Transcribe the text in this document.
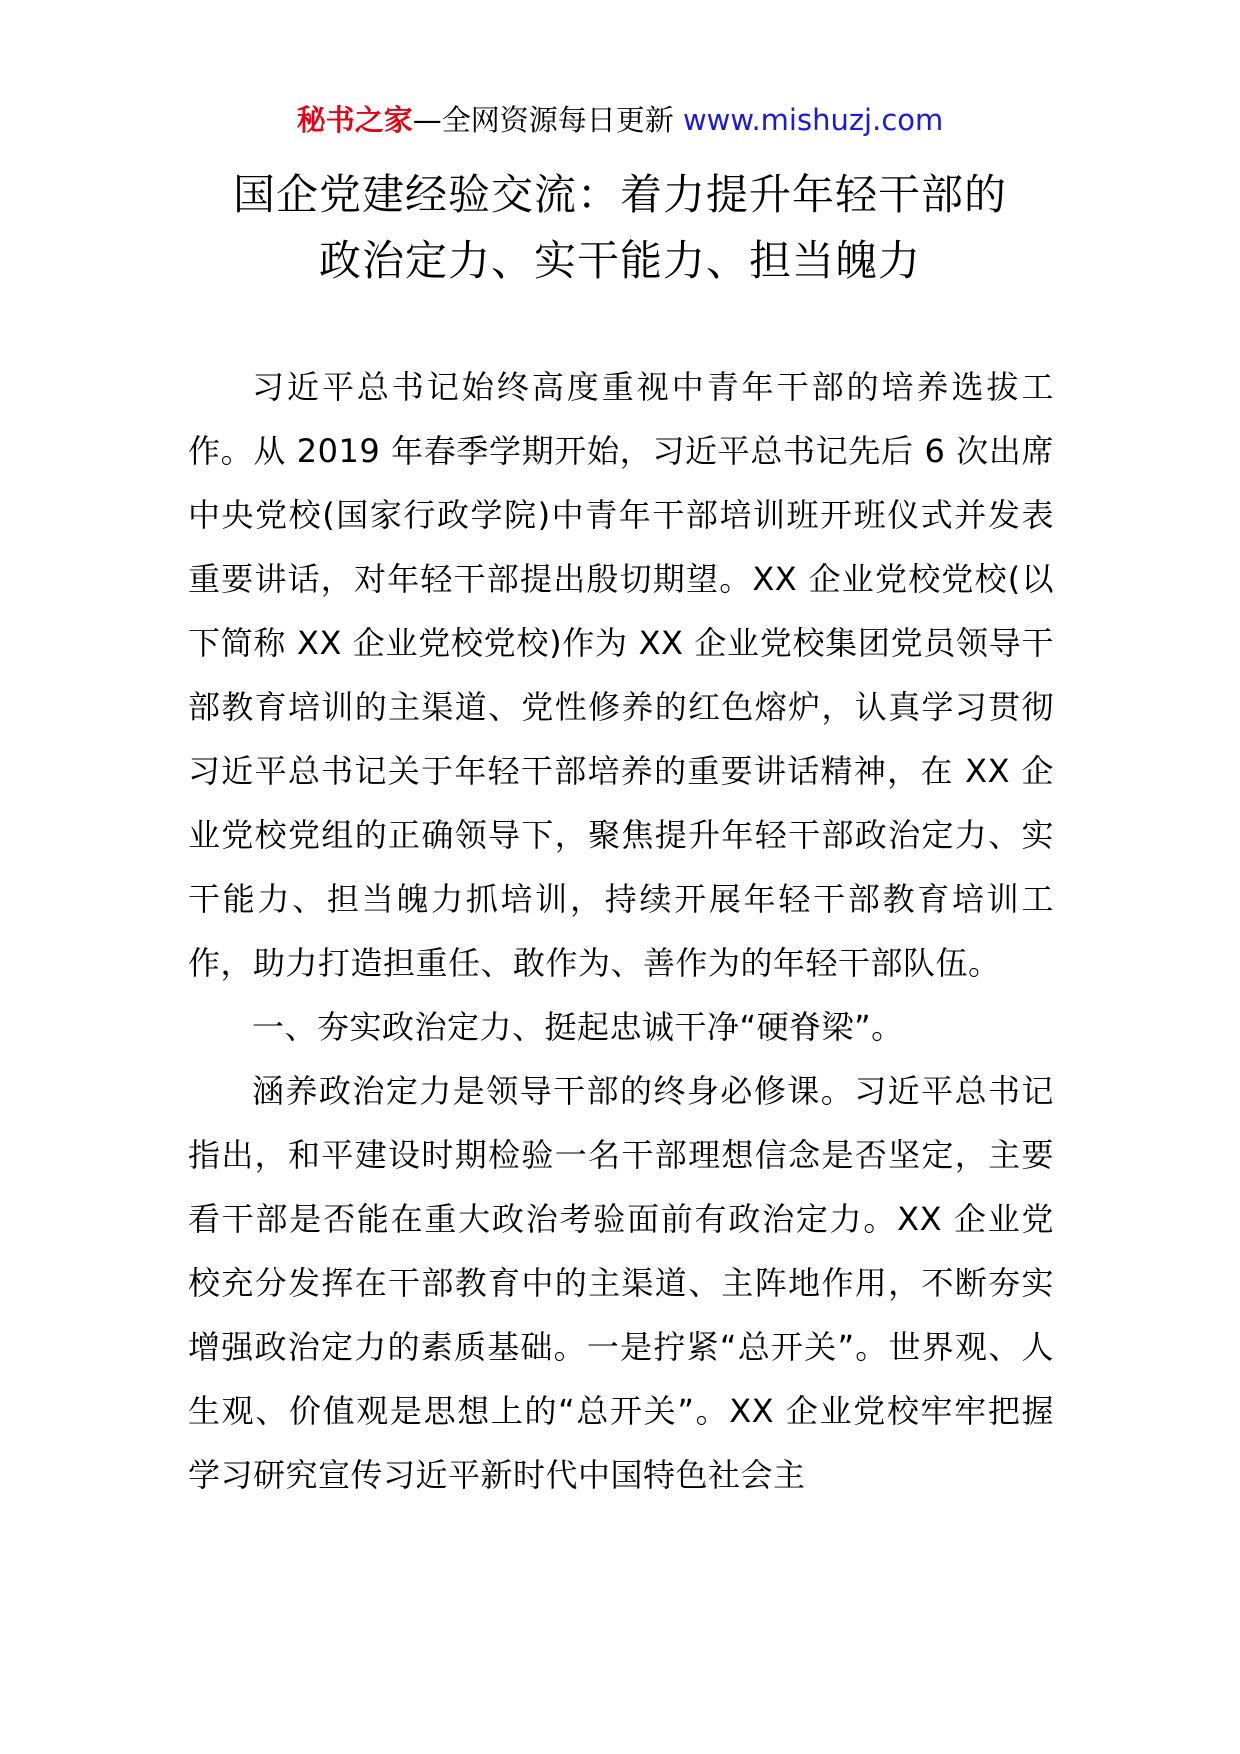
秘书之家—全网资源每日更新 www.mishuzj.com
国企党建经验交流：着力提升年轻干部的
政治定力、实干能力、担当魄力

习近平总书记始终高度重视中青年干部的培养选拔工作。从 2019 年春季学期开始，习近平总书记先后 6 次出席中央党校(国家行政学院)中青年干部培训班开班仪式并发表重要讲话，对年轻干部提出殷切期望。XX 企业党校党校(以下简称 XX 企业党校党校)作为 XX 企业党校集团党员领导干部教育培训的主渠道、党性修养的红色熔炉，认真学习贯彻习近平总书记关于年轻干部培养的重要讲话精神，在 XX 企业党校党组的正确领导下，聚焦提升年轻干部政治定力、实干能力、担当魄力抓培训，持续开展年轻干部教育培训工作，助力打造担重任、敢作为、善作为的年轻干部队伍。

一、夯实政治定力、挺起忠诚干净“硬脊梁”。

涵养政治定力是领导干部的终身必修课。习近平总书记指出，和平建设时期检验一名干部理想信念是否坚定，主要看干部是否能在重大政治考验面前有政治定力。XX 企业党校充分发挥在干部教育中的主渠道、主阵地作用，不断夯实增强政治定力的素质基础。一是拧紧“总开关”。世界观、人生观、价值观是思想上的“总开关”。XX 企业党校牢牢把握学习研究宣传习近平新时代中国特色社会主
